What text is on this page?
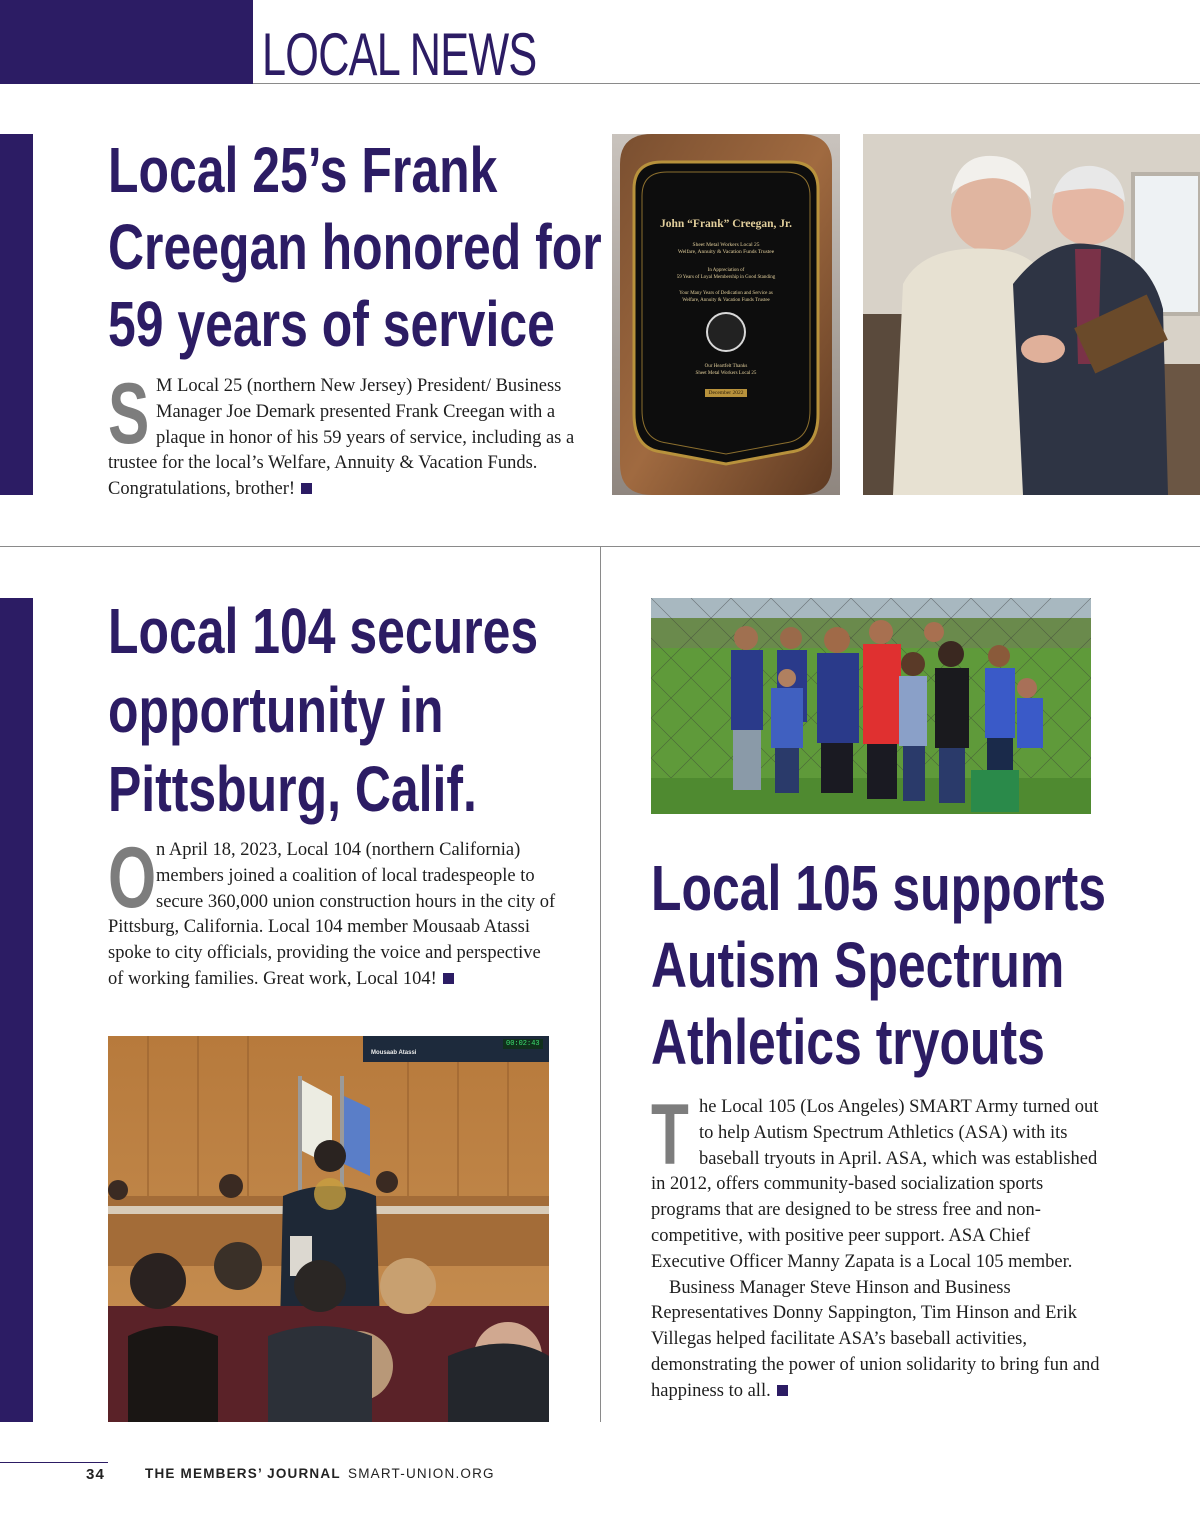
LOCAL NEWS
Local 25’s Frank
Creegan honored for
59 years of service
S M Local 25 (northern New Jersey) President/ Business Manager Joe Demark presented Frank Creegan with a plaque in honor of his 59 years of service, including as a trustee for the local’s Welfare, Annuity & Vacation Funds. Congratulations, brother!
John “Frank” Creegan, Jr.
Sheet Metal Workers Local 25
Welfare, Annuity & Vacation Funds Trustee
In Appreciation of
59 Years of Loyal Membership in Good Standing
Your Many Years of Dedication and Service as
Welfare, Annuity & Vacation Funds Trustee
Our Heartfelt Thanks
Sheet Metal Workers Local 25
December 2022
Local 104 secures
opportunity in
Pittsburg, Calif.
O n April 18, 2023, Local 104 (northern California) members joined a coalition of local tradespeople to secure 360,000 union construction hours in the city of Pittsburg, California. Local 104 member Mousaab Atassi spoke to city officials, providing the voice and perspective of working families. Great work, Local 104!
Mousaab Atassi
00:02:43
Local 105 supports
Autism Spectrum
Athletics tryouts
T he Local 105 (Los Angeles) SMART Army turned out to help Autism Spectrum Athletics (ASA) with its baseball tryouts in April. ASA, which was established in 2012, offers community-based socialization sports programs that are designed to be stress free and non-competitive, with positive peer support. ASA Chief Executive Officer Manny Zapata is a Local 105 member.
Business Manager Steve Hinson and Business Representatives Donny Sappington, Tim Hinson and Erik Villegas helped facilitate ASA’s baseball activities, demonstrating the power of union solidarity to bring fun and happiness to all.
34	THE MEMBERS’ JOURNAL SMART-UNION.ORG
